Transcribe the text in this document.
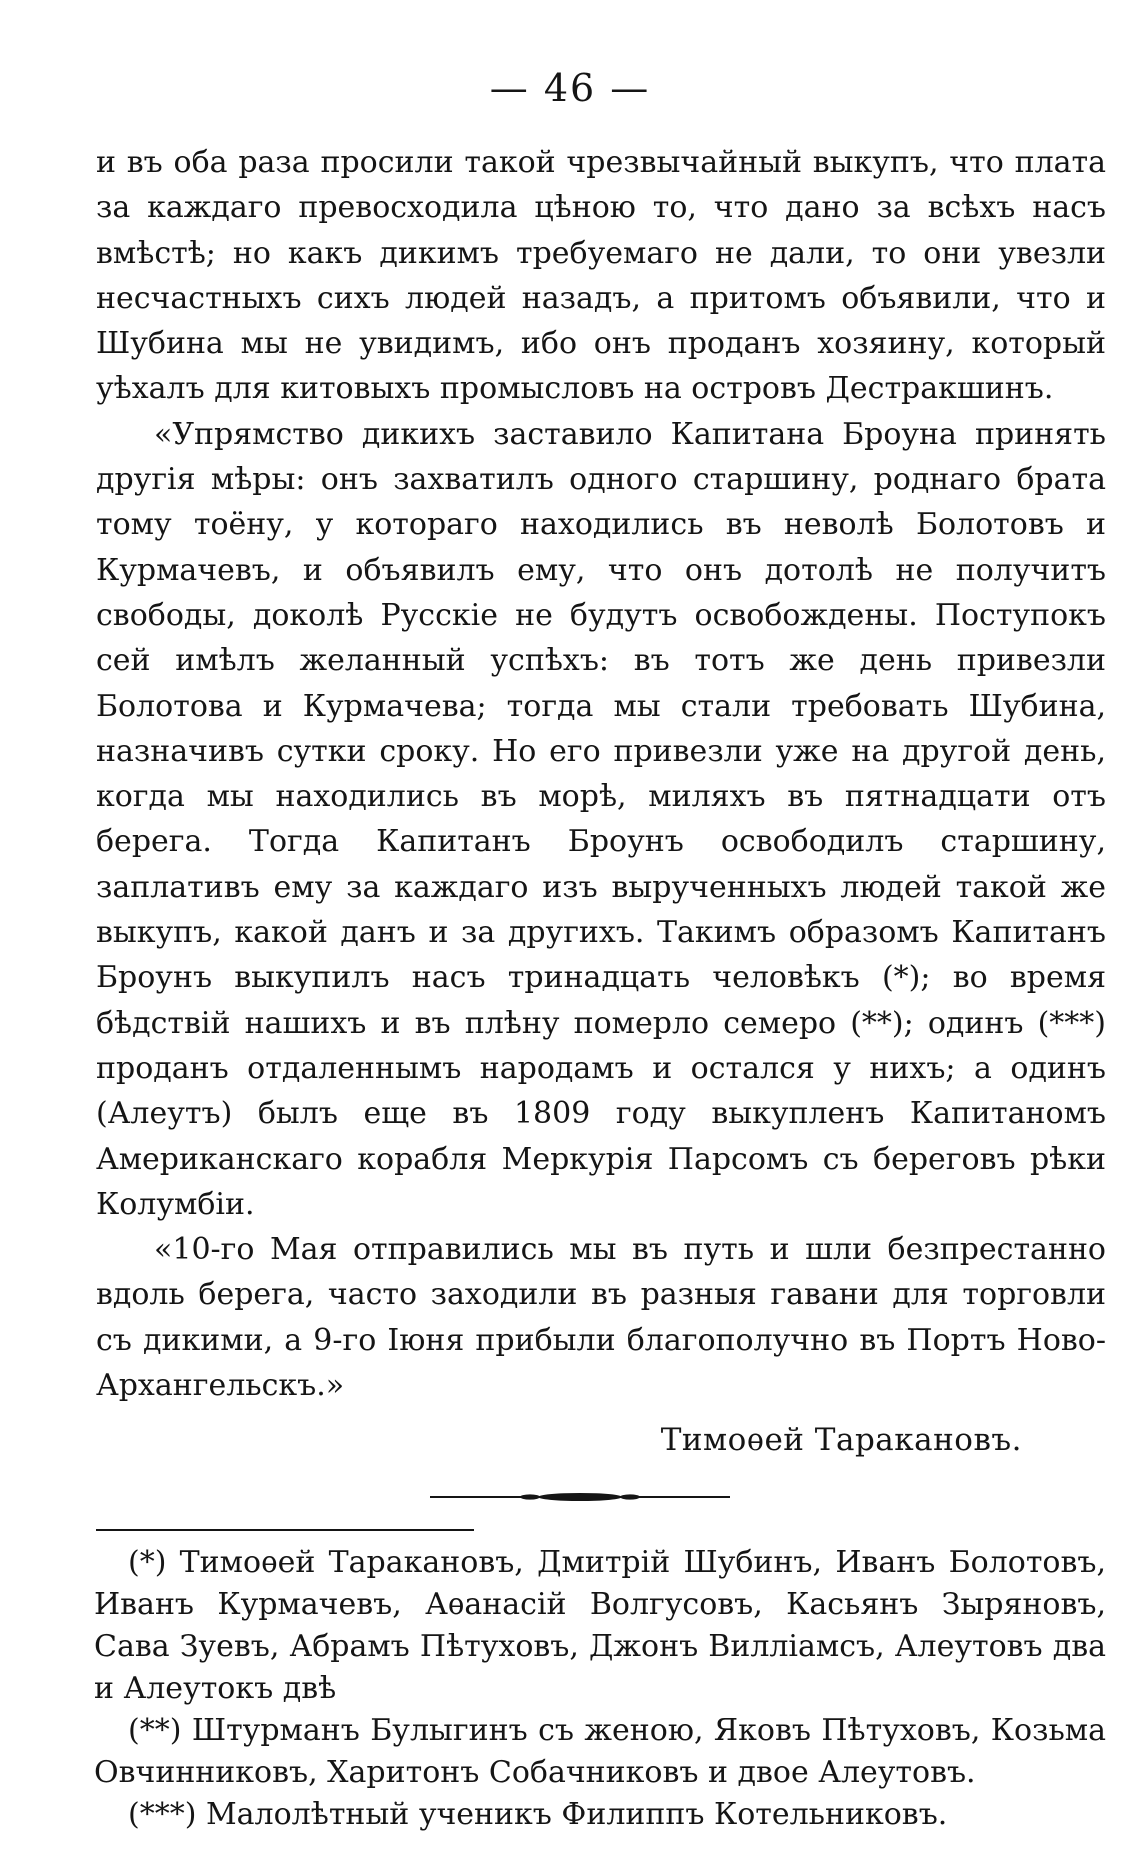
— 46 —

и въ оба раза просили такой чрезвычайный выкупъ, что плата за каждаго превосходила цѣною то, что дано за всѣхъ насъ вмѣстѣ; но какъ дикимъ требуемаго не дали, то они увезли несчастныхъ сихъ людей назадъ, а притомъ объявили, что и Шубина мы не увидимъ, ибо онъ проданъ хозяину, который уѣхалъ для китовыхъ промысловъ на островъ Дестракшинъ.

«Упрямство дикихъ заставило Капитана Броуна принять другія мѣры: онъ захватилъ одного старшину, роднаго брата тому тоёну, у котораго находились въ неволѣ Болотовъ и Курмачевъ, и объявилъ ему, что онъ дотолѣ не получитъ свободы, доколѣ Русскіе не будутъ освобождены. Поступокъ сей имѣлъ желанный успѣхъ: въ тотъ же день привезли Болотова и Курмачева; тогда мы стали требовать Шубина, назначивъ сутки сроку. Но его привезли уже на другой день, когда мы находились въ морѣ, миляхъ въ пятнадцати отъ берега. Тогда Капитанъ Броунъ освободилъ старшину, заплативъ ему за каждаго изъ вырученныхъ людей такой же выкупъ, какой данъ и за другихъ. Такимъ образомъ Капитанъ Броунъ выкупилъ насъ тринадцать человѣкъ (*); во время бѣдствій нашихъ и въ плѣну померло семеро (**); одинъ (***) проданъ отдаленнымъ народамъ и остался у нихъ; а одинъ (Алеутъ) былъ еще въ 1809 году выкупленъ Капитаномъ Американскаго корабля Меркурія Парсомъ съ береговъ рѣки Колумбіи.

«10-го Мая отправились мы въ путь и шли безпрестанно вдоль берега, часто заходили въ разныя гавани для торговли съ дикими, а 9-го Іюня прибыли благополучно въ Портъ Ново-Архангельскъ.»

Тимоѳей Таракановъ.

(*) Тимоѳей Таракановъ, Дмитрій Шубинъ, Иванъ Болотовъ, Иванъ Курмачевъ, Аѳанасій Волгусовъ, Касьянъ Зыряновъ, Сава Зуевъ, Абрамъ Пѣтуховъ, Джонъ Вилліамсъ, Алеутовъ два и Алеутокъ двѣ

(**) Штурманъ Булыгинъ съ женою, Яковъ Пѣтуховъ, Козьма Овчинниковъ, Харитонъ Собачниковъ и двое Алеутовъ.

(***) Малолѣтный ученикъ Филиппъ Котельниковъ.
